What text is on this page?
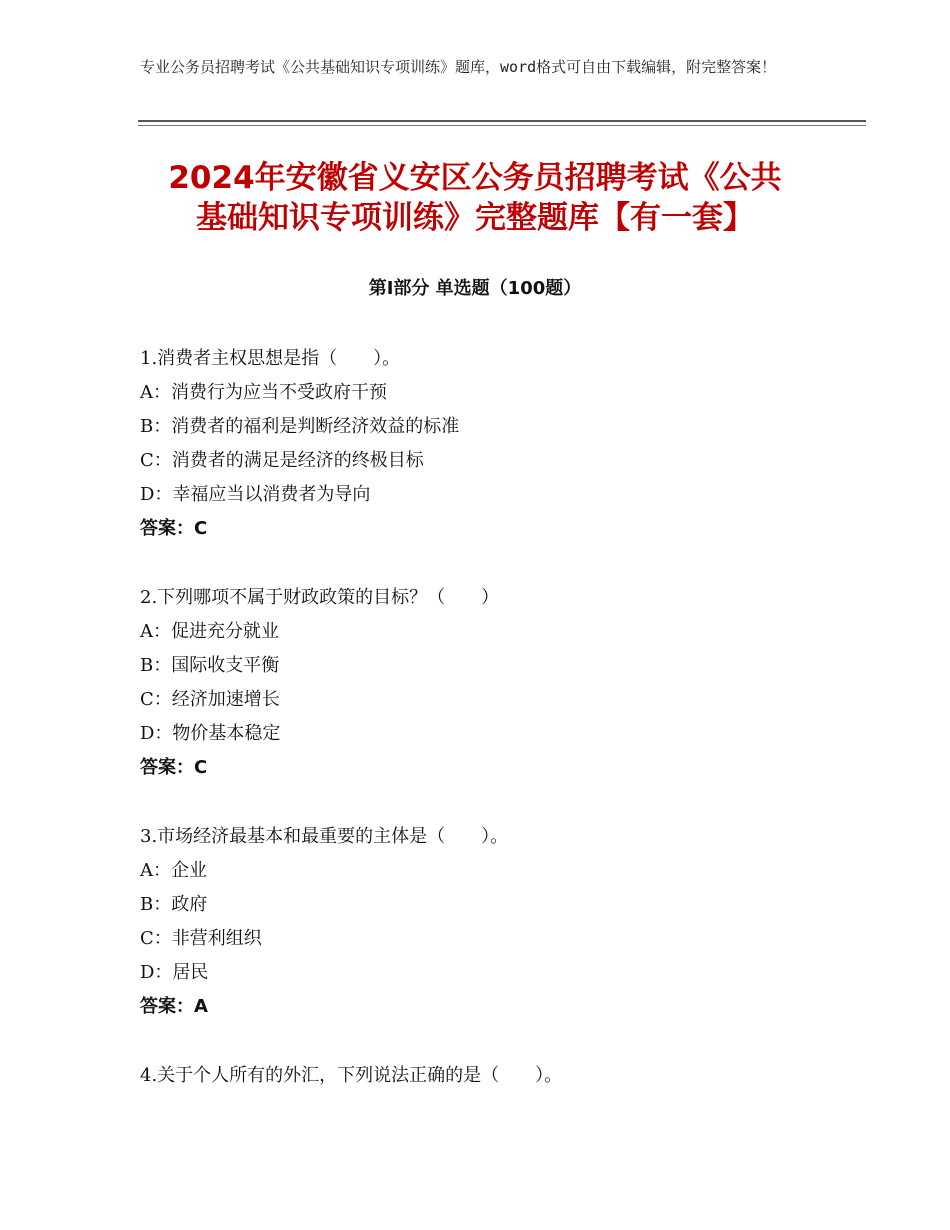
专业公务员招聘考试《公共基础知识专项训练》题库，word格式可自由下载编辑，附完整答案！
2024年安徽省义安区公务员招聘考试《公共
基础知识专项训练》完整题库【有一套】
第Ⅰ部分 单选题（100题）
1.消费者主权思想是指（　　）。
A：消费行为应当不受政府干预
B：消费者的福利是判断经济效益的标准
C：消费者的满足是经济的终极目标
D：幸福应当以消费者为导向
答案：C
2.下列哪项不属于财政政策的目标？（　　）
A：促进充分就业
B：国际收支平衡
C：经济加速增长
D：物价基本稳定
答案：C
3.市场经济最基本和最重要的主体是（　　）。
A：企业
B：政府
C：非营利组织
D：居民
答案：A
4.关于个人所有的外汇，下列说法正确的是（　　）。
